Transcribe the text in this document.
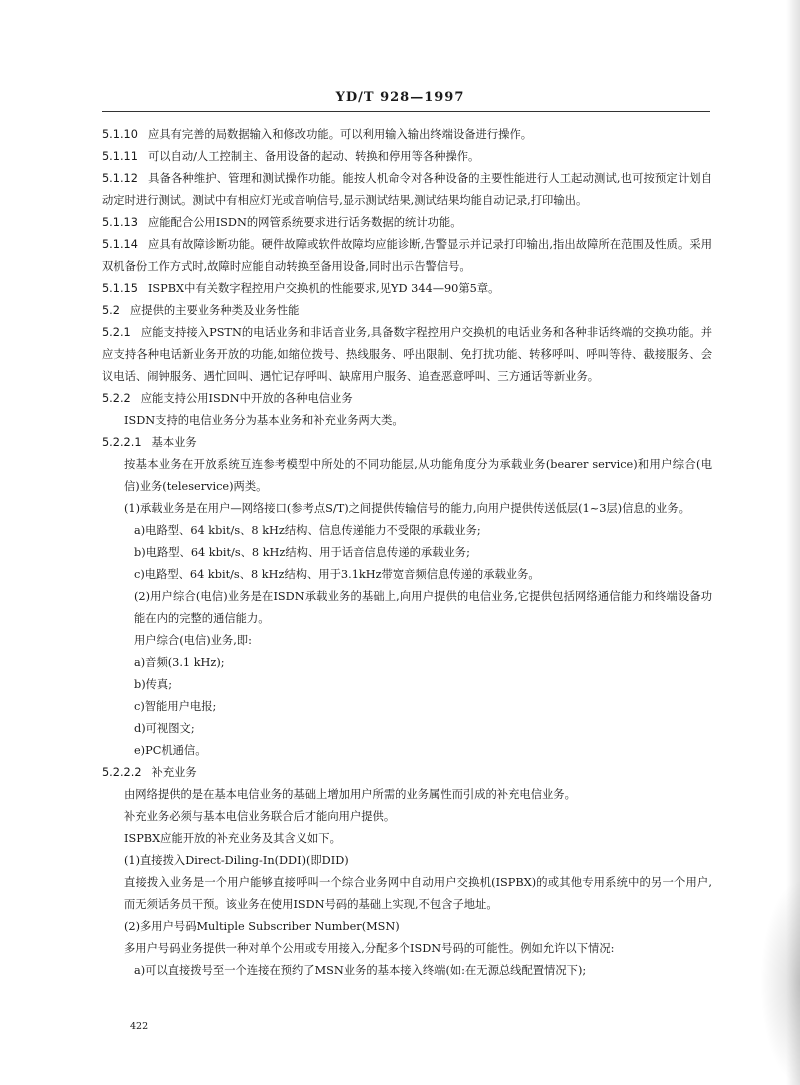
YD/T 928—1997

5.1.10 应具有完善的局数据输入和修改功能。可以利用输入输出终端设备进行操作。

5.1.11 可以自动/人工控制主、备用设备的起动、转换和停用等各种操作。

5.1.12 具备各种维护、管理和测试操作功能。能按人机命令对各种设备的主要性能进行人工起动测试,也可按预定计划自动定时进行测试。测试中有相应灯光或音响信号,显示测试结果,测试结果均能自动记录,打印输出。

5.1.13 应能配合公用ISDN的网管系统要求进行话务数据的统计功能。

5.1.14 应具有故障诊断功能。硬件故障或软件故障均应能诊断,告警显示并记录打印输出,指出故障所在范围及性质。采用双机备份工作方式时,故障时应能自动转换至备用设备,同时出示告警信号。

5.1.15 ISPBX中有关数字程控用户交换机的性能要求,见YD 344—90第5章。

5.2 应提供的主要业务种类及业务性能

5.2.1 应能支持接入PSTN的电话业务和非话音业务,具备数字程控用户交换机的电话业务和各种非话终端的交换功能。并应支持各种电话新业务开放的功能,如缩位拨号、热线服务、呼出限制、免打扰功能、转移呼叫、呼叫等待、截接服务、会议电话、闹钟服务、遇忙回叫、遇忙记存呼叫、缺席用户服务、追查恶意呼叫、三方通话等新业务。

5.2.2 应能支持公用ISDN中开放的各种电信业务

ISDN支持的电信业务分为基本业务和补充业务两大类。

5.2.2.1 基本业务

按基本业务在开放系统互连参考模型中所处的不同功能层,从功能角度分为承载业务(bearer service)和用户综合(电信)业务(teleservice)两类。

(1)承载业务是在用户—网络接口(参考点S/T)之间提供传输信号的能力,向用户提供传送低层(1~3层)信息的业务。

a)电路型、64 kbit/s、8 kHz结构、信息传递能力不受限的承载业务;

b)电路型、64 kbit/s、8 kHz结构、用于话音信息传递的承载业务;

c)电路型、64 kbit/s、8 kHz结构、用于3.1kHz带宽音频信息传递的承载业务。

(2)用户综合(电信)业务是在ISDN承载业务的基础上,向用户提供的电信业务,它提供包括网络通信能力和终端设备功能在内的完整的通信能力。

用户综合(电信)业务,即:

a)音频(3.1 kHz);

b)传真;

c)智能用户电报;

d)可视图文;

e)PC机通信。

5.2.2.2 补充业务

由网络提供的是在基本电信业务的基础上增加用户所需的业务属性而引成的补充电信业务。

补充业务必须与基本电信业务联合后才能向用户提供。

ISPBX应能开放的补充业务及其含义如下。

(1)直接拨入Direct-Diling-In(DDI)(即DID)

直接拨入业务是一个用户能够直接呼叫一个综合业务网中自动用户交换机(ISPBX)的或其他专用系统中的另一个用户,而无须话务员干预。该业务在使用ISDN号码的基础上实现,不包含子地址。

(2)多用户号码Multiple Subscriber Number(MSN)

多用户号码业务提供一种对单个公用或专用接入,分配多个ISDN号码的可能性。例如允许以下情况:

a)可以直接拨号至一个连接在预约了MSN业务的基本接入终端(如:在无源总线配置情况下);

422
